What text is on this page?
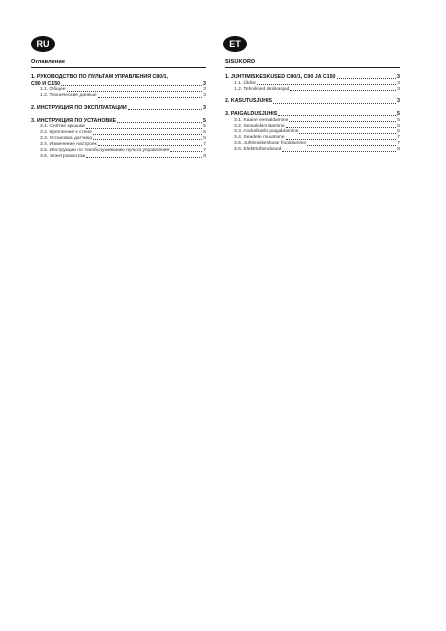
RU
Оглавление
1. РУКОВОДСТВО ПО ПУЛЬТАМ УПРАВЛЕНИЯ C80/1,
C90 И C150	3
1.1. Общее	3
1.2. Технические данные	3
2. ИНСТРУКЦИЯ ПО ЭКСПЛУАТАЦИИ	3
3. ИНСТРУКЦИЯ ПО УСТАНОВКЕ	5
3.1. Снятие крышки	5
3.2. Крепление к стене	5
3.3. Установка датчика	5
3.4. Изменение настроек	7
3.5. Инструкции по техобслуживанию пульта управления	7
3.6. Электромонтаж	8
ET
SISUKORD
1. JUHTIMISKESKUSED C80/1, C90 JA C150	3
1.1. Üldist	3
1.2. Tehnilised üksikasjad	3
2. KASUTUSJUHIS	3
3. PAIGALDUSJUHIS	5
3.1. Kaane eemaldamine	5
3.2. Seinalekinnitamine	5
3.3. Andurikarbi paigaldamine	5
3.4. Seadete muutmine	7
3.5. Juhtimiskeskuse hooldamine	7
3.6. Elektriühendused	8
